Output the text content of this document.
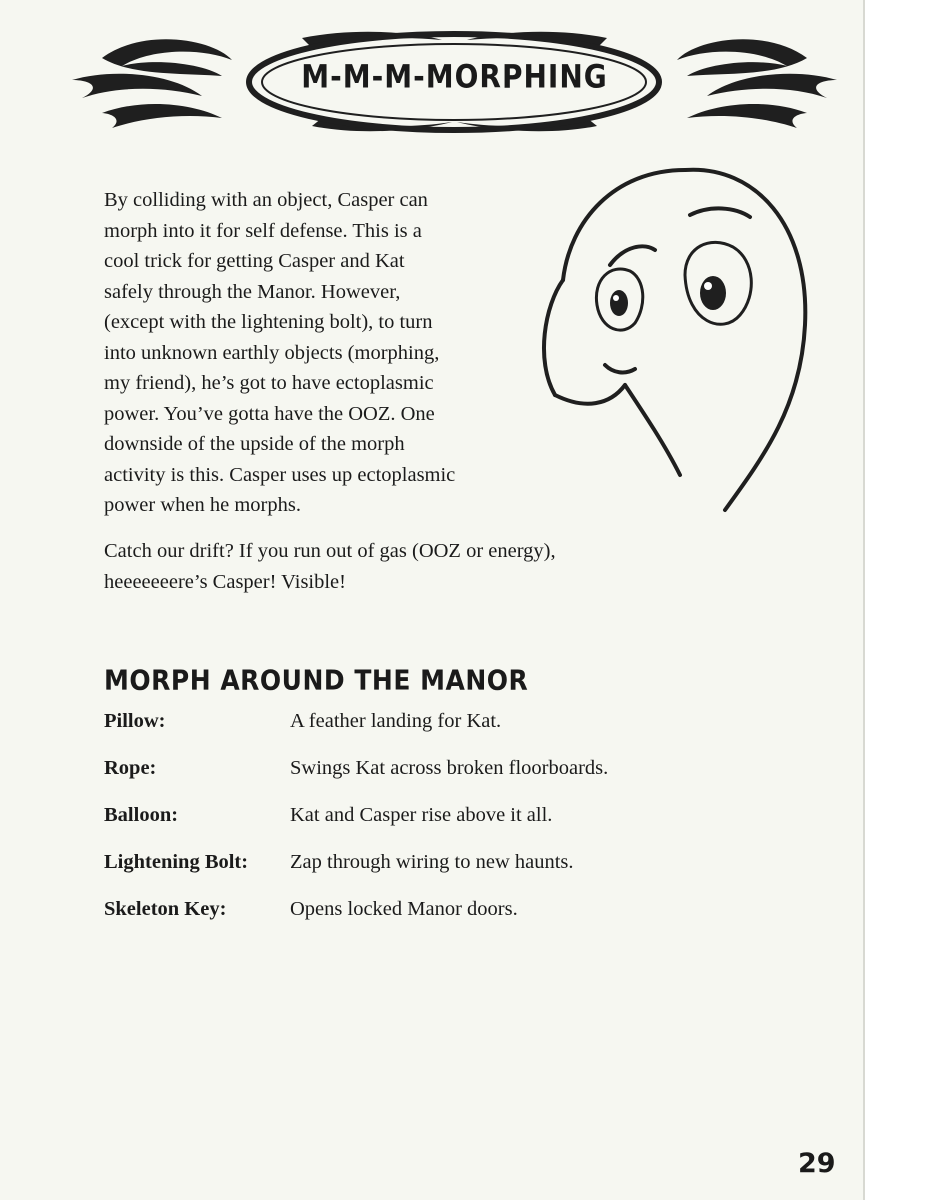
M-M-M-MORPHING

By colliding with an object, Casper can

morph into it for self defense. This is a

cool trick for getting Casper and Kat

safely through the Manor. However,

(except with the lightening bolt), to turn

into unknown earthly objects (morphing,

my friend), he’s got to have ectoplasmic

power. You’ve gotta have the OOZ. One

downside of the upside of the morph

activity is this. Casper uses up ectoplasmic

power when he morphs.

Catch our drift? If you run out of gas (OOZ or energy),

heeeeeeere’s Casper! Visible!

MORPH AROUND THE MANOR
Pillow:	A feather landing for Kat.
Rope:	Swings Kat across broken floorboards.
Balloon:	Kat and Casper rise above it all.
Lightening Bolt: Zap through wiring to new haunts.
Skeleton Key:	Opens locked Manor doors.
29
